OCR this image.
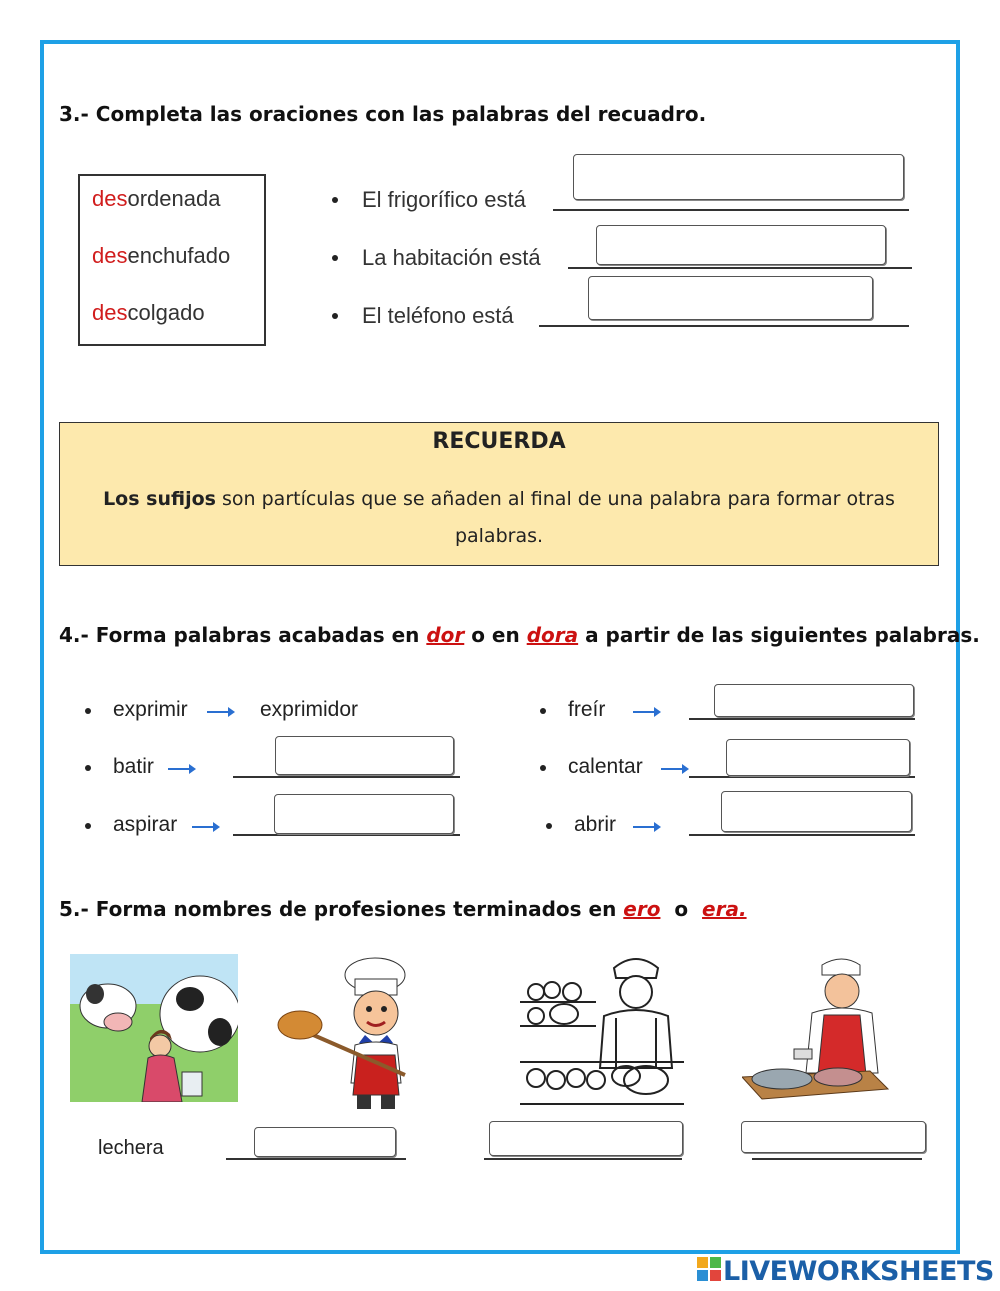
3.- Completa las oraciones con las palabras del recuadro.
desordenada
desenchufado
descolgado
El frigorífico está
La habitación está
El teléfono está
RECUERDA
Los sufijos son partículas que se añaden al final de una palabra para formar otras palabras.
4.- Forma palabras acabadas en dor o en dora a partir de las siguientes palabras.
exprimir	exprimidor
batir
aspirar
freír
calentar
abrir
5.- Forma nombres de profesiones terminados en ero  o  era.
lechera
LIVEWORKSHEETS
